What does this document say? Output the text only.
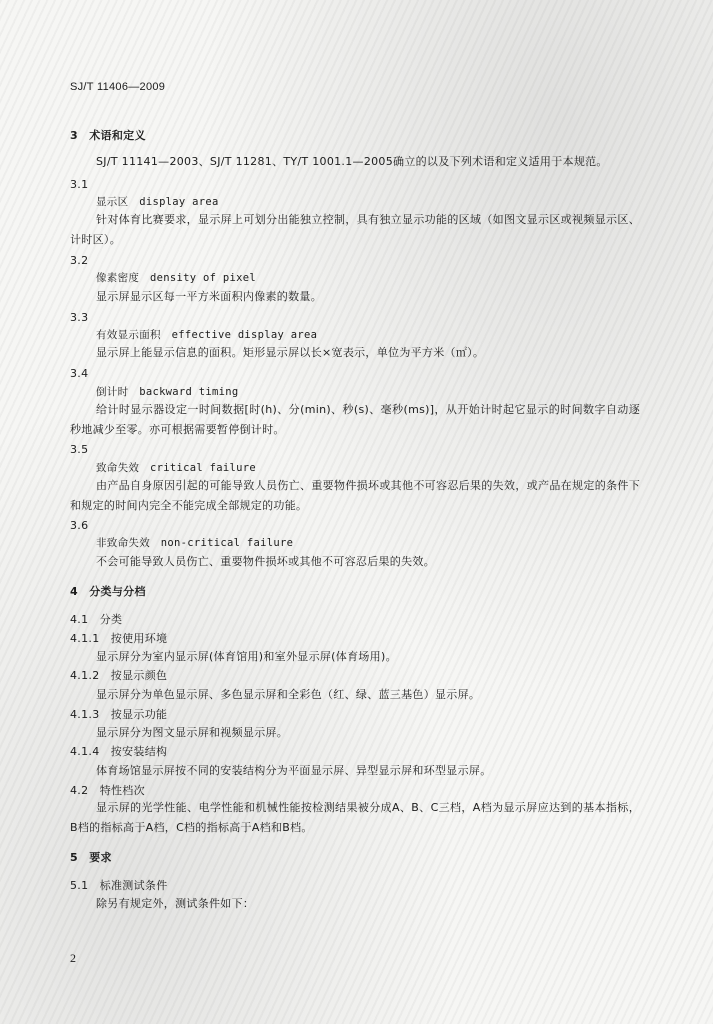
SJ/T 11406—2009
3　术语和定义
SJ/T 11141—2003、SJ/T 11281、TY/T 1001.1—2005确立的以及下列术语和定义适用于本规范。
3.1
显示区　display area
针对体育比赛要求，显示屏上可划分出能独立控制，具有独立显示功能的区域（如图文显示区或视频显示区、计时区）。
3.2
像素密度　density of pixel
显示屏显示区每一平方米面积内像素的数量。
3.3
有效显示面积　effective display area
显示屏上能显示信息的面积。矩形显示屏以长×宽表示，单位为平方米（㎡）。
3.4
倒计时　backward timing
给计时显示器设定一时间数据[时(h)、分(min)、秒(s)、毫秒(ms)]，从开始计时起它显示的时间数字自动逐秒地减少至零。亦可根据需要暂停倒计时。
3.5
致命失效　critical failure
由产品自身原因引起的可能导致人员伤亡、重要物件损坏或其他不可容忍后果的失效，或产品在规定的条件下和规定的时间内完全不能完成全部规定的功能。
3.6
非致命失效　non-critical failure
不会可能导致人员伤亡、重要物件损坏或其他不可容忍后果的失效。
4　分类与分档
4.1　分类
4.1.1　按使用环境
显示屏分为室内显示屏(体育馆用)和室外显示屏(体育场用)。
4.1.2　按显示颜色
显示屏分为单色显示屏、多色显示屏和全彩色（红、绿、蓝三基色）显示屏。
4.1.3　按显示功能
显示屏分为图文显示屏和视频显示屏。
4.1.4　按安装结构
体育场馆显示屏按不同的安装结构分为平面显示屏、异型显示屏和环型显示屏。
4.2　特性档次
显示屏的光学性能、电学性能和机械性能按检测结果被分成A、B、C三档，A档为显示屏应达到的基本指标，B档的指标高于A档，C档的指标高于A档和B档。
5　要求
5.1　标准测试条件
除另有规定外，测试条件如下：
2
